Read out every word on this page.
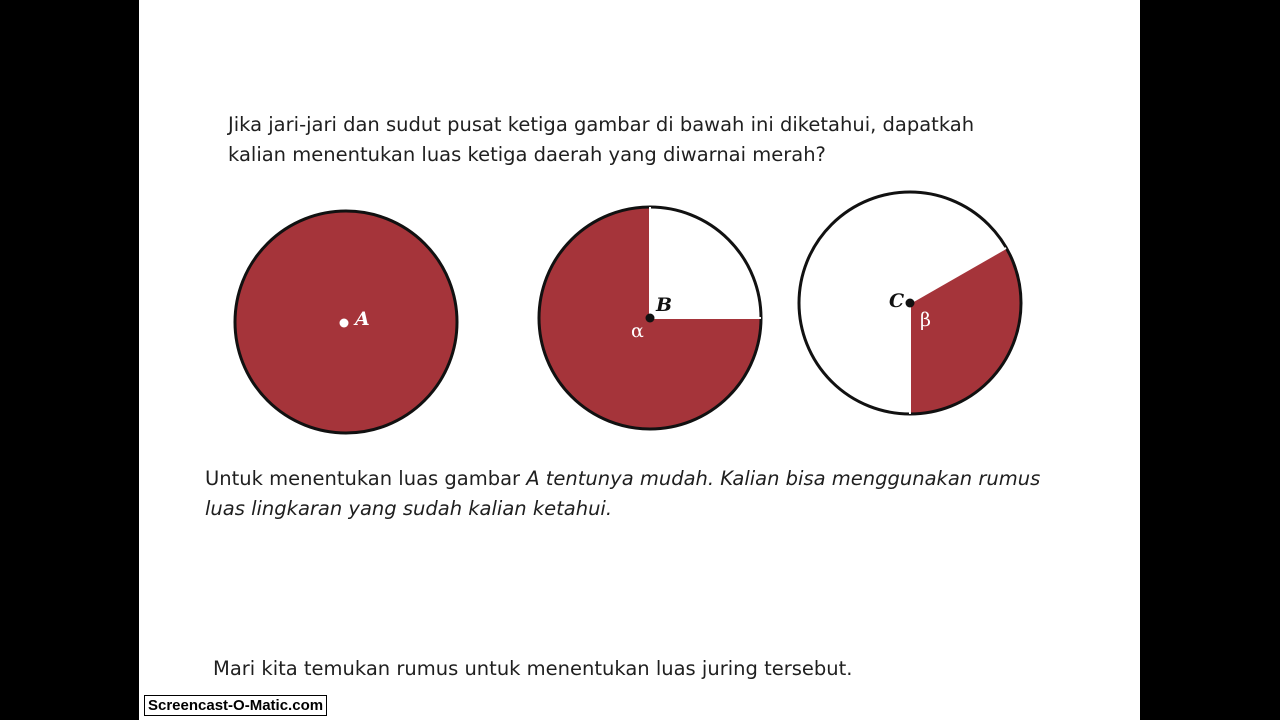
Jika jari-jari dan sudut pusat ketiga gambar di bawah ini diketahui, dapatkah

kalian menentukan luas ketiga daerah yang diwarnai merah?

A
B
α
C
β

Untuk menentukan luas gambar A tentunya mudah. Kalian bisa menggunakan rumus

luas lingkaran yang sudah kalian ketahui.

Mari kita temukan rumus untuk menentukan luas juring tersebut.

Screencast-O-Matic.com
